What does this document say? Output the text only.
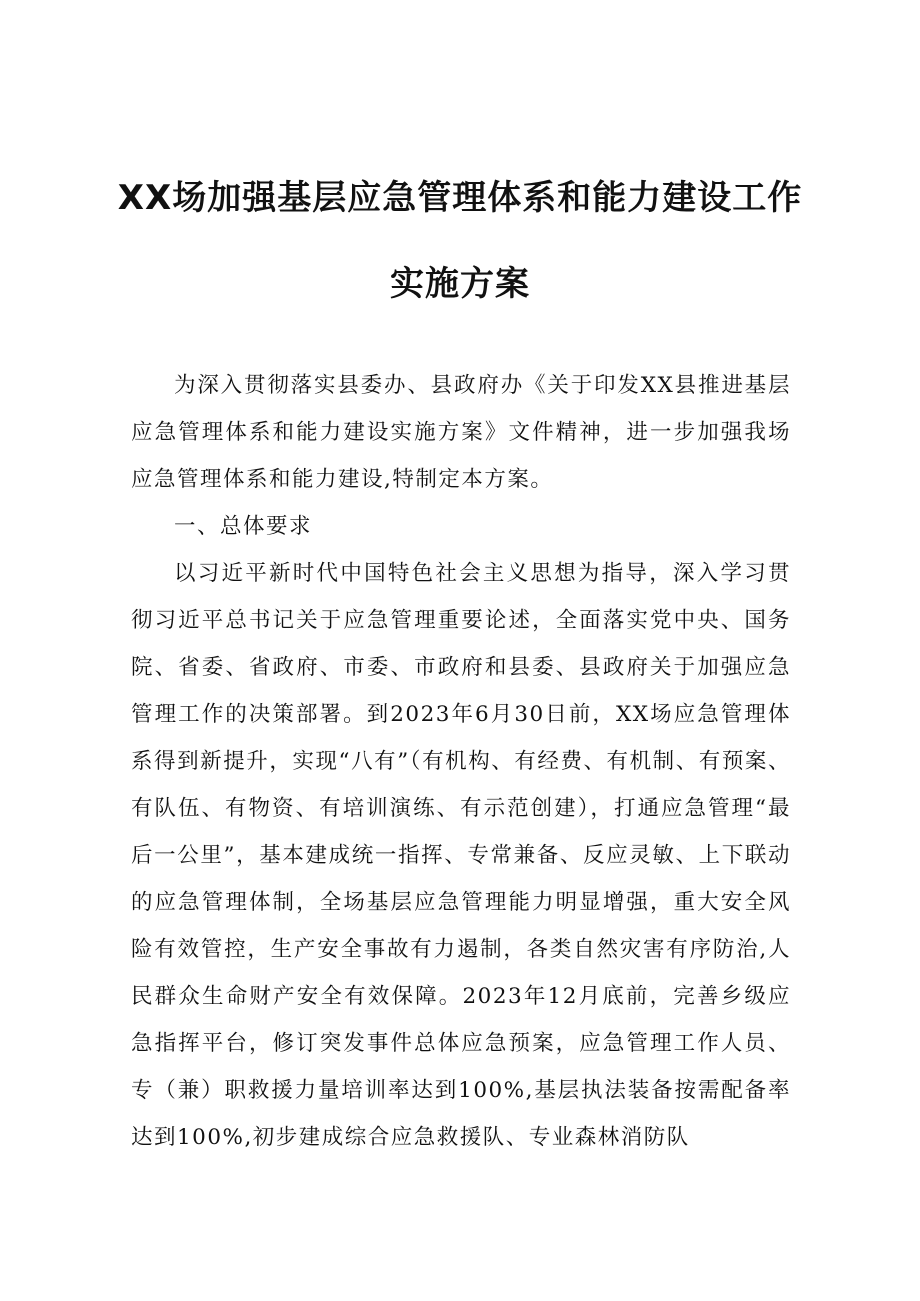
XX场加强基层应急管理体系和能力建设工作
实施方案

为深入贯彻落实县委办、县政府办《关于印发XX县推进基层应急管理体系和能力建设实施方案》文件精神，进一步加强我场应急管理体系和能力建设,特制定本方案。

一、总体要求

以习近平新时代中国特色社会主义思想为指导，深入学习贯彻习近平总书记关于应急管理重要论述，全面落实党中央、国务院、省委、省政府、市委、市政府和县委、县政府关于加强应急管理工作的决策部署。到2023年6月30日前，XX场应急管理体系得到新提升，实现“八有”（有机构、有经费、有机制、有预案、有队伍、有物资、有培训演练、有示范创建），打通应急管理“最后一公里”，基本建成统一指挥、专常兼备、反应灵敏、上下联动的应急管理体制，全场基层应急管理能力明显增强，重大安全风险有效管控，生产安全事故有力遏制，各类自然灾害有序防治,人民群众生命财产安全有效保障。2023年12月底前，完善乡级应急指挥平台，修订突发事件总体应急预案，应急管理工作人员、专（兼）职救援力量培训率达到100%,基层执法装备按需配备率达到100%,初步建成综合应急救援队、专业森林消防队
